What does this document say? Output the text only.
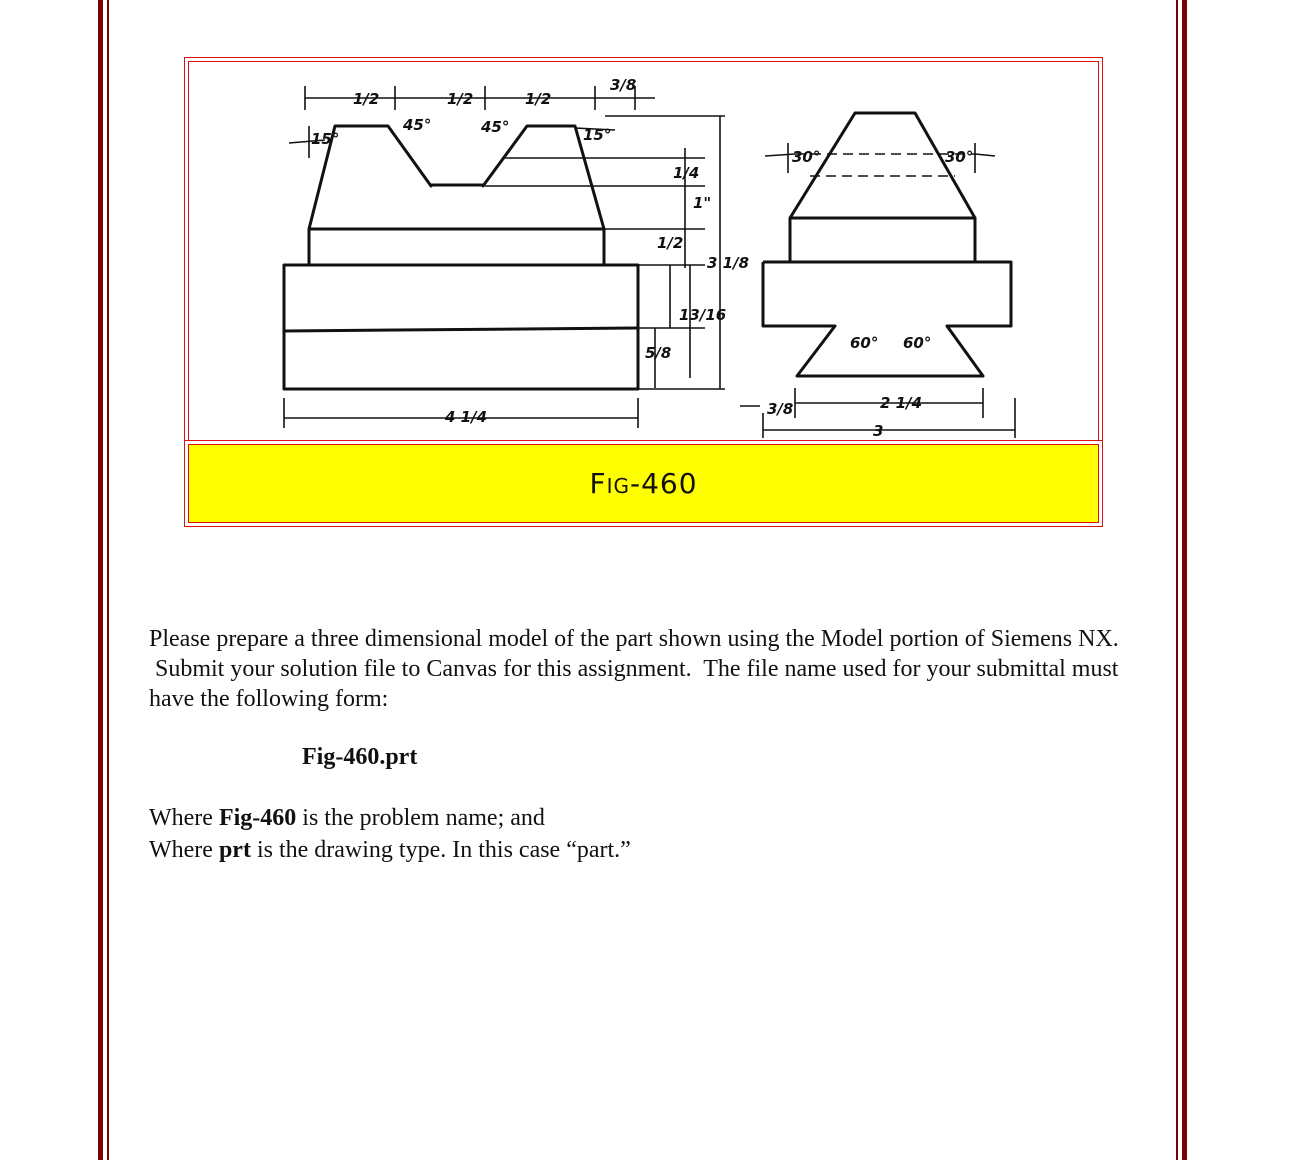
1/2	1/2	1/2
3/8
15°
45°	45°	15°
1/4
1"
1/2
3 1/8
13/16
5/8
4 1/4
30°	30°
60° 60°
3/8	2 1/4
3
Fig-460
Please prepare a three dimensional model of the part shown using the Model portion of Siemens NX.
Submit your solution file to Canvas for this assignment.  The file name used for your submittal must
have the following form:
Fig-460.prt
Where Fig-460 is the problem name; and
Where prt is the drawing type. In this case “part.”
